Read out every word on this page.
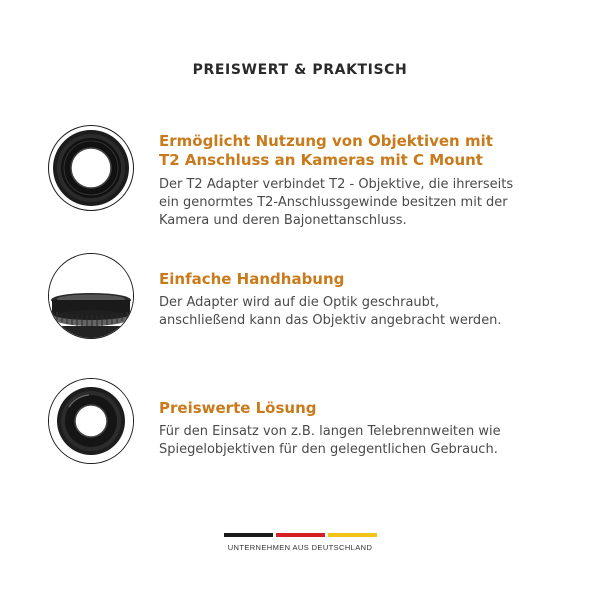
PREISWERT & PRAKTISCH
Ermöglicht Nutzung von Objektiven mit
T2 Anschluss an Kameras mit C Mount
Der T2 Adapter verbindet T2 - Objektive, die ihrerseits
ein genormtes T2-Anschlussgewinde besitzen mit der
Kamera und deren Bajonettanschluss.
Einfache Handhabung
Der Adapter wird auf die Optik geschraubt,
anschließend kann das Objektiv angebracht werden.
Preiswerte Lösung
Für den Einsatz von z.B. langen Telebrennweiten wie
Spiegelobjektiven für den gelegentlichen Gebrauch.
UNTERNEHMEN AUS DEUTSCHLAND
